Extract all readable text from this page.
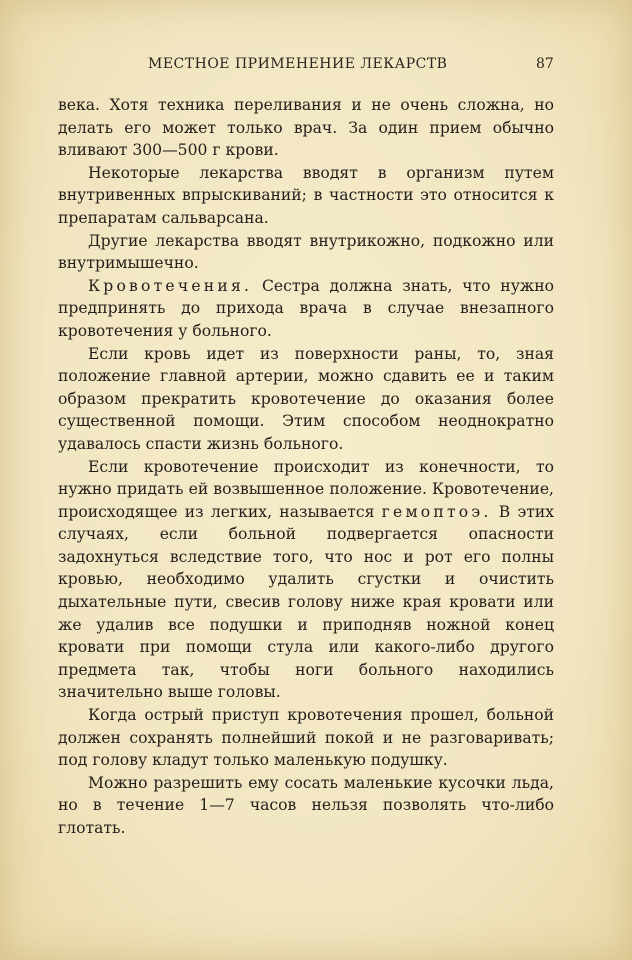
МЕСТНОЕ ПРИМЕНЕНИЕ ЛЕКАРСТВ	87

века. Хотя техника переливания и не очень сложна, но делать его может только врач. За один прием обычно вливают 300—500 г крови.

Некоторые лекарства вводят в организм путем внутривенных впрыскиваний; в частности это относится к препаратам сальварсана.

Другие лекарства вводят внутрикожно, подкожно или внутримышечно.

Кровотечения. Сестра должна знать, что нужно предпринять до прихода врача в случае внезапного кровотечения у больного.

Если кровь идет из поверхности раны, то, зная положение главной артерии, можно сдавить ее и таким образом прекратить кровотечение до оказания более существенной помощи. Этим способом неоднократно удавалось спасти жизнь больного.

Если кровотечение происходит из конечности, то нужно придать ей возвышенное положение. Кровотечение, происходящее из легких, называется гемоптоэ. В этих случаях, если больной подвергается опасности задохнуться вследствие того, что нос и рот его полны кровью, необходимо удалить сгустки и очистить дыхательные пути, свесив голову ниже края кровати или же удалив все подушки и приподняв ножной конец кровати при помощи стула или какого-либо другого предмета так, чтобы ноги больного находились значительно выше головы.

Когда острый приступ кровотечения прошел, больной должен сохранять полнейший покой и не разговаривать; под голову кладут только маленькую подушку.

Можно разрешить ему сосать маленькие кусочки льда, но в течение 1—7 часов нельзя позволять что-либо глотать.
